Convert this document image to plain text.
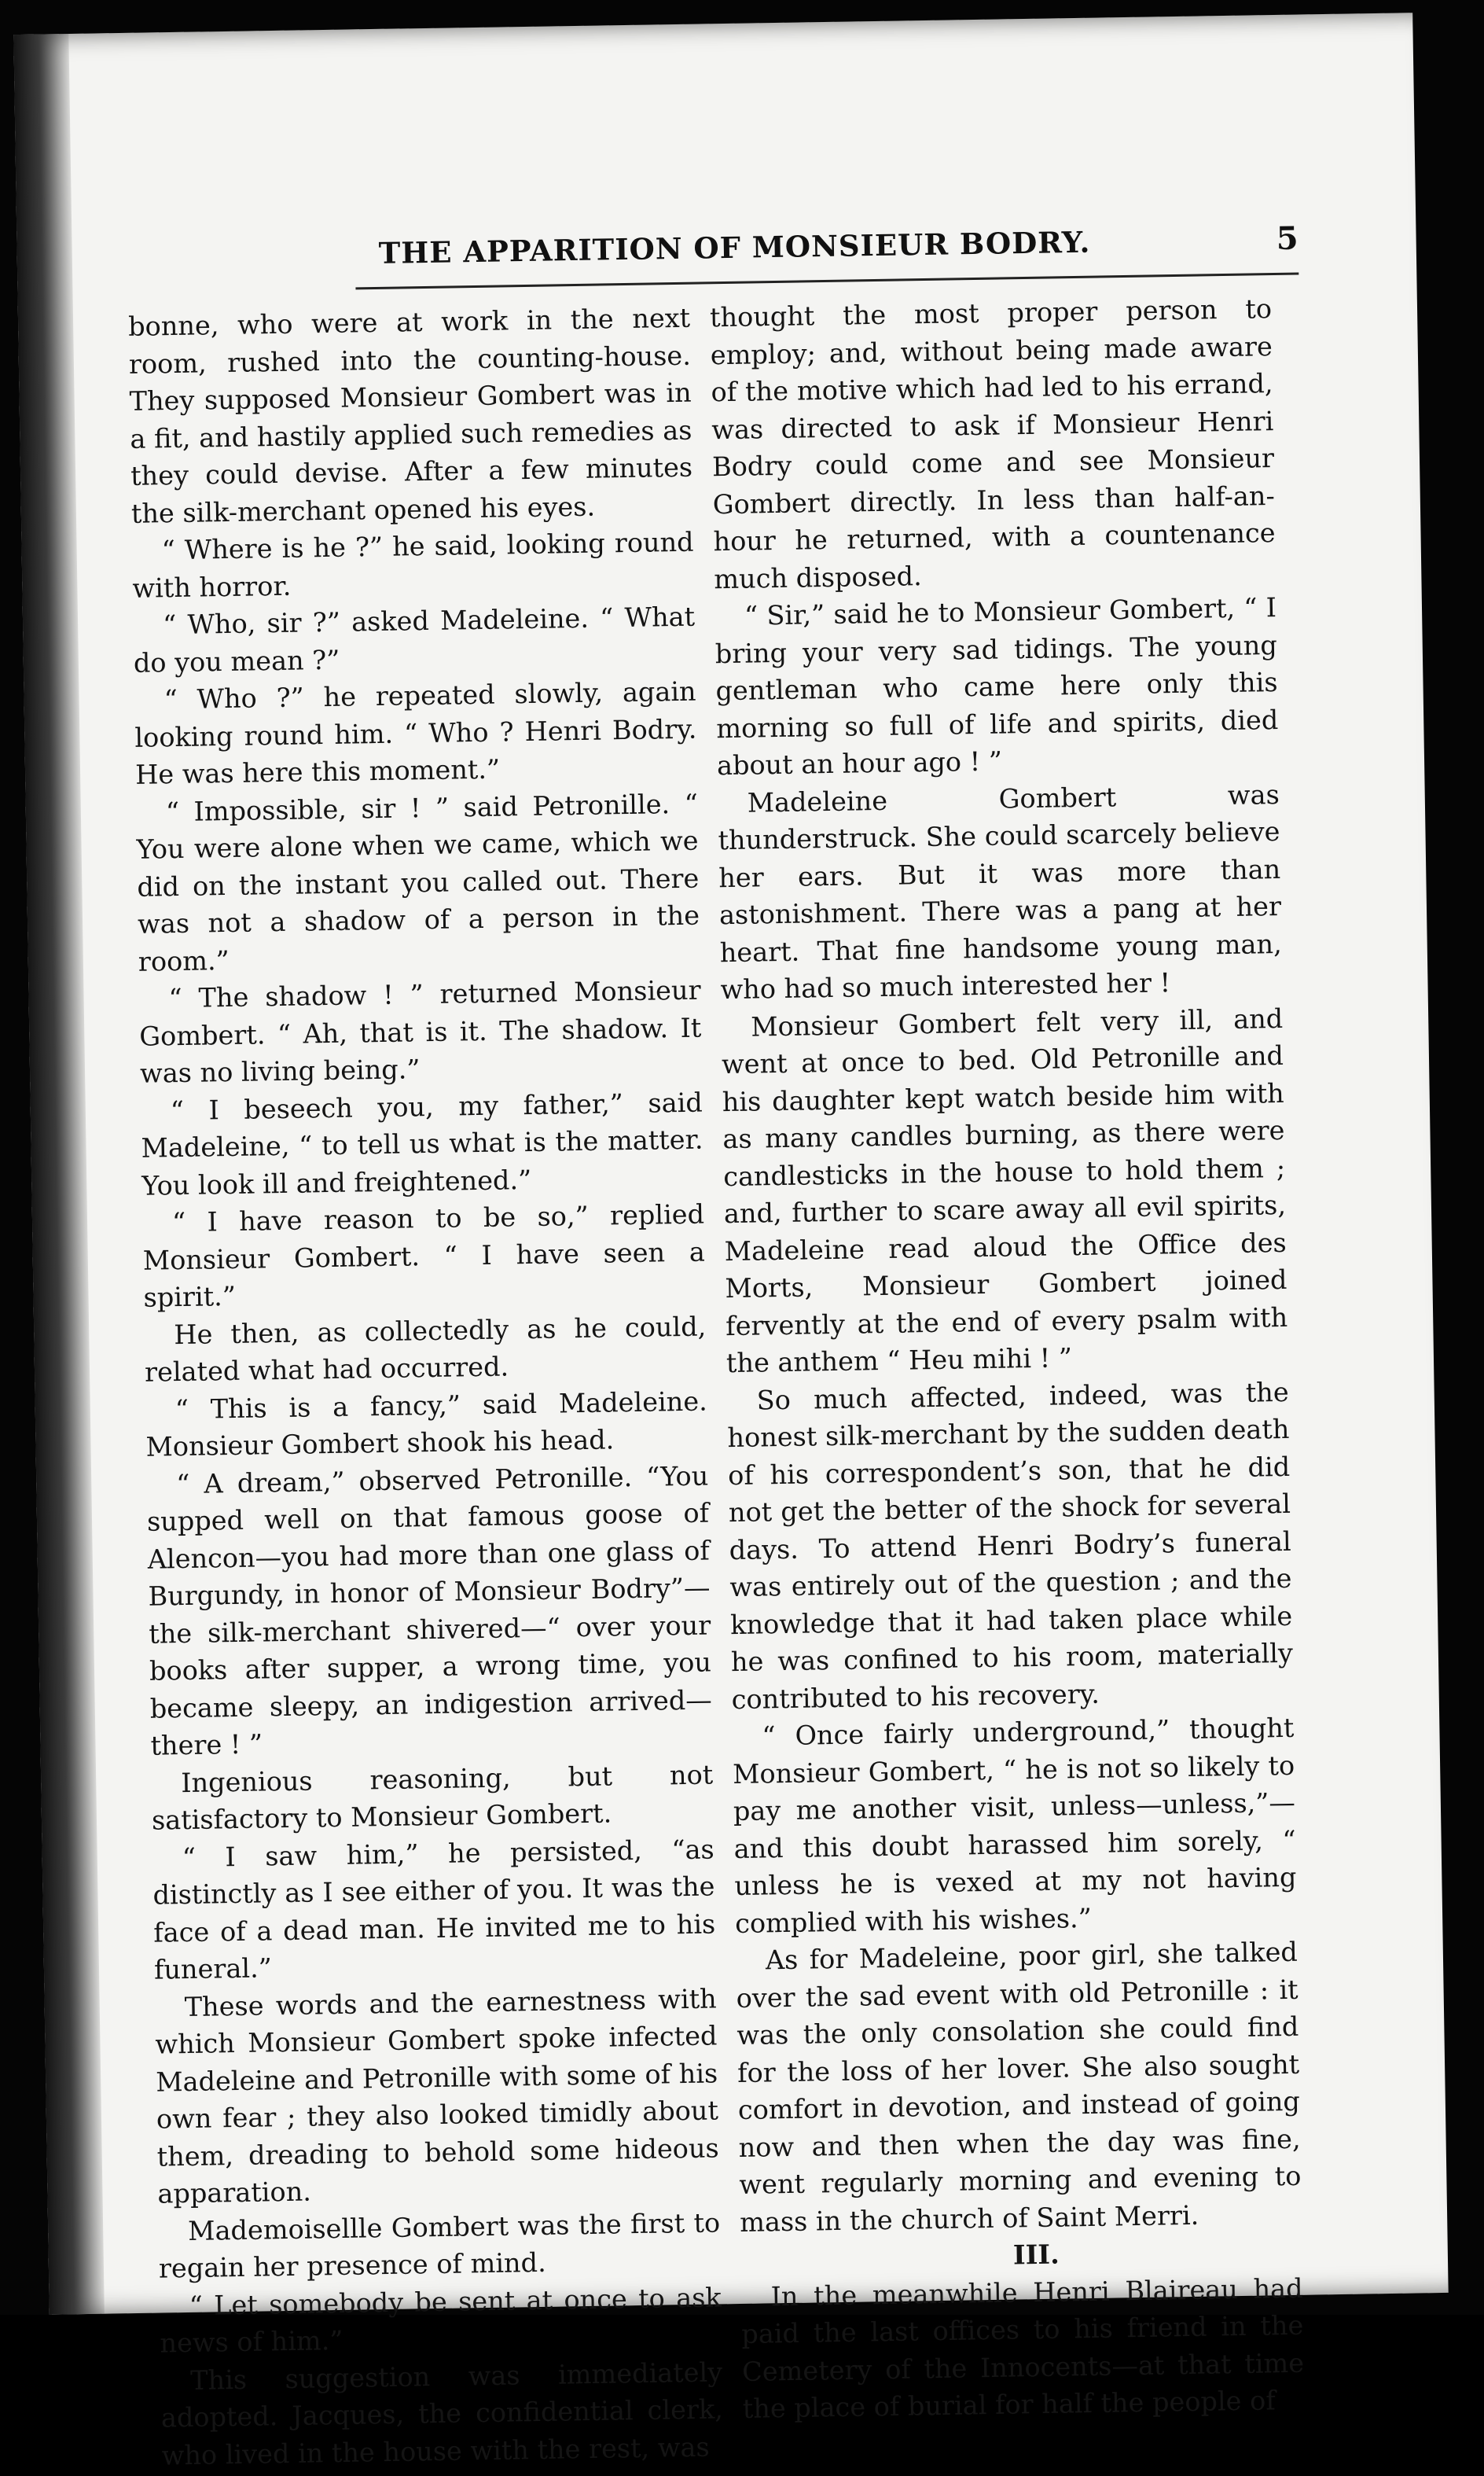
THE APPARITION OF MONSIEUR BODRY.	5

bonne, who were at work in the next room, rushed into the counting-house. They supposed Monsieur Gombert was in a fit, and hastily applied such remedies as they could devise. After a few minutes the silk-merchant opened his eyes.

“ Where is he ?” he said, looking round with horror.

“ Who, sir ?” asked Madeleine. “ What do you mean ?”

“ Who ?” he repeated slowly, again looking round him. “ Who ? Henri Bodry. He was here this moment.”

“ Impossible, sir ! ” said Petronille. “ You were alone when we came, which we did on the instant you called out. There was not a shadow of a person in the room.”

“ The shadow ! ” returned Monsieur Gombert. “ Ah, that is it. The shadow. It was no living being.”

“ I beseech you, my father,” said Madeleine, “ to tell us what is the matter. You look ill and freightened.”

“ I have reason to be so,” replied Monsieur Gombert. “ I have seen a spirit.”

He then, as collectedly as he could, related what had occurred.

“ This is a fancy,” said Madeleine. Monsieur Gombert shook his head.

“ A dream,” observed Petronille. “You supped well on that famous goose of Alencon—you had more than one glass of Burgundy, in honor of Monsieur Bodry”—the silk-merchant shivered—“ over your books after supper, a wrong time, you became sleepy, an indigestion arrived—there ! ”

Ingenious reasoning, but not satisfactory to Monsieur Gombert.

“ I saw him,” he persisted, “as distinctly as I see either of you. It was the face of a dead man. He invited me to his funeral.”

These words and the earnestness with which Monsieur Gombert spoke infected Madeleine and Petronille with some of his own fear ; they also looked timidly about them, dreading to behold some hideous apparation.

Mademoisellle Gombert was the first to regain her presence of mind.

“ Let somebody be sent at once to ask news of him.”

This suggestion was immediately adopted. Jacques, the confidential clerk, who lived in the house with the rest, was

thought the most proper person to employ; and, without being made aware of the motive which had led to his errand, was directed to ask if Monsieur Henri Bodry could come and see Monsieur Gombert directly. In less than half-an-hour he returned, with a countenance much disposed.

“ Sir,” said he to Monsieur Gombert, “ I bring your very sad tidings. The young gentleman who came here only this morning so full of life and spirits, died about an hour ago ! ”

Madeleine Gombert was thunderstruck. She could scarcely believe her ears. But it was more than astonishment. There was a pang at her heart. That fine handsome young man, who had so much interested her !

Monsieur Gombert felt very ill, and went at once to bed. Old Petronille and his daughter kept watch beside him with as many candles burning, as there were candlesticks in the house to hold them ; and, further to scare away all evil spirits, Madeleine read aloud the Office des Morts, Monsieur Gombert joined fervently at the end of every psalm with the anthem “ Heu mihi ! ”

So much affected, indeed, was the honest silk-merchant by the sudden death of his correspondent’s son, that he did not get the better of the shock for several days. To attend Henri Bodry’s funeral was entirely out of the question ; and the knowledge that it had taken place while he was confined to his room, materially contributed to his recovery.

“ Once fairly underground,” thought Monsieur Gombert, “ he is not so likely to pay me another visit, unless—unless,”—and this doubt harassed him sorely, “ unless he is vexed at my not having complied with his wishes.”

As for Madeleine, poor girl, she talked over the sad event with old Petronille : it was the only consolation she could find for the loss of her lover. She also sought comfort in devotion, and instead of going now and then when the day was fine, went regularly morning and evening to mass in the church of Saint Merri.

III.

In the meanwhile Henri Blaireau had paid the last offices to his friend in the Cemetery of the Innocents—at that time the place of burial for half the people of
